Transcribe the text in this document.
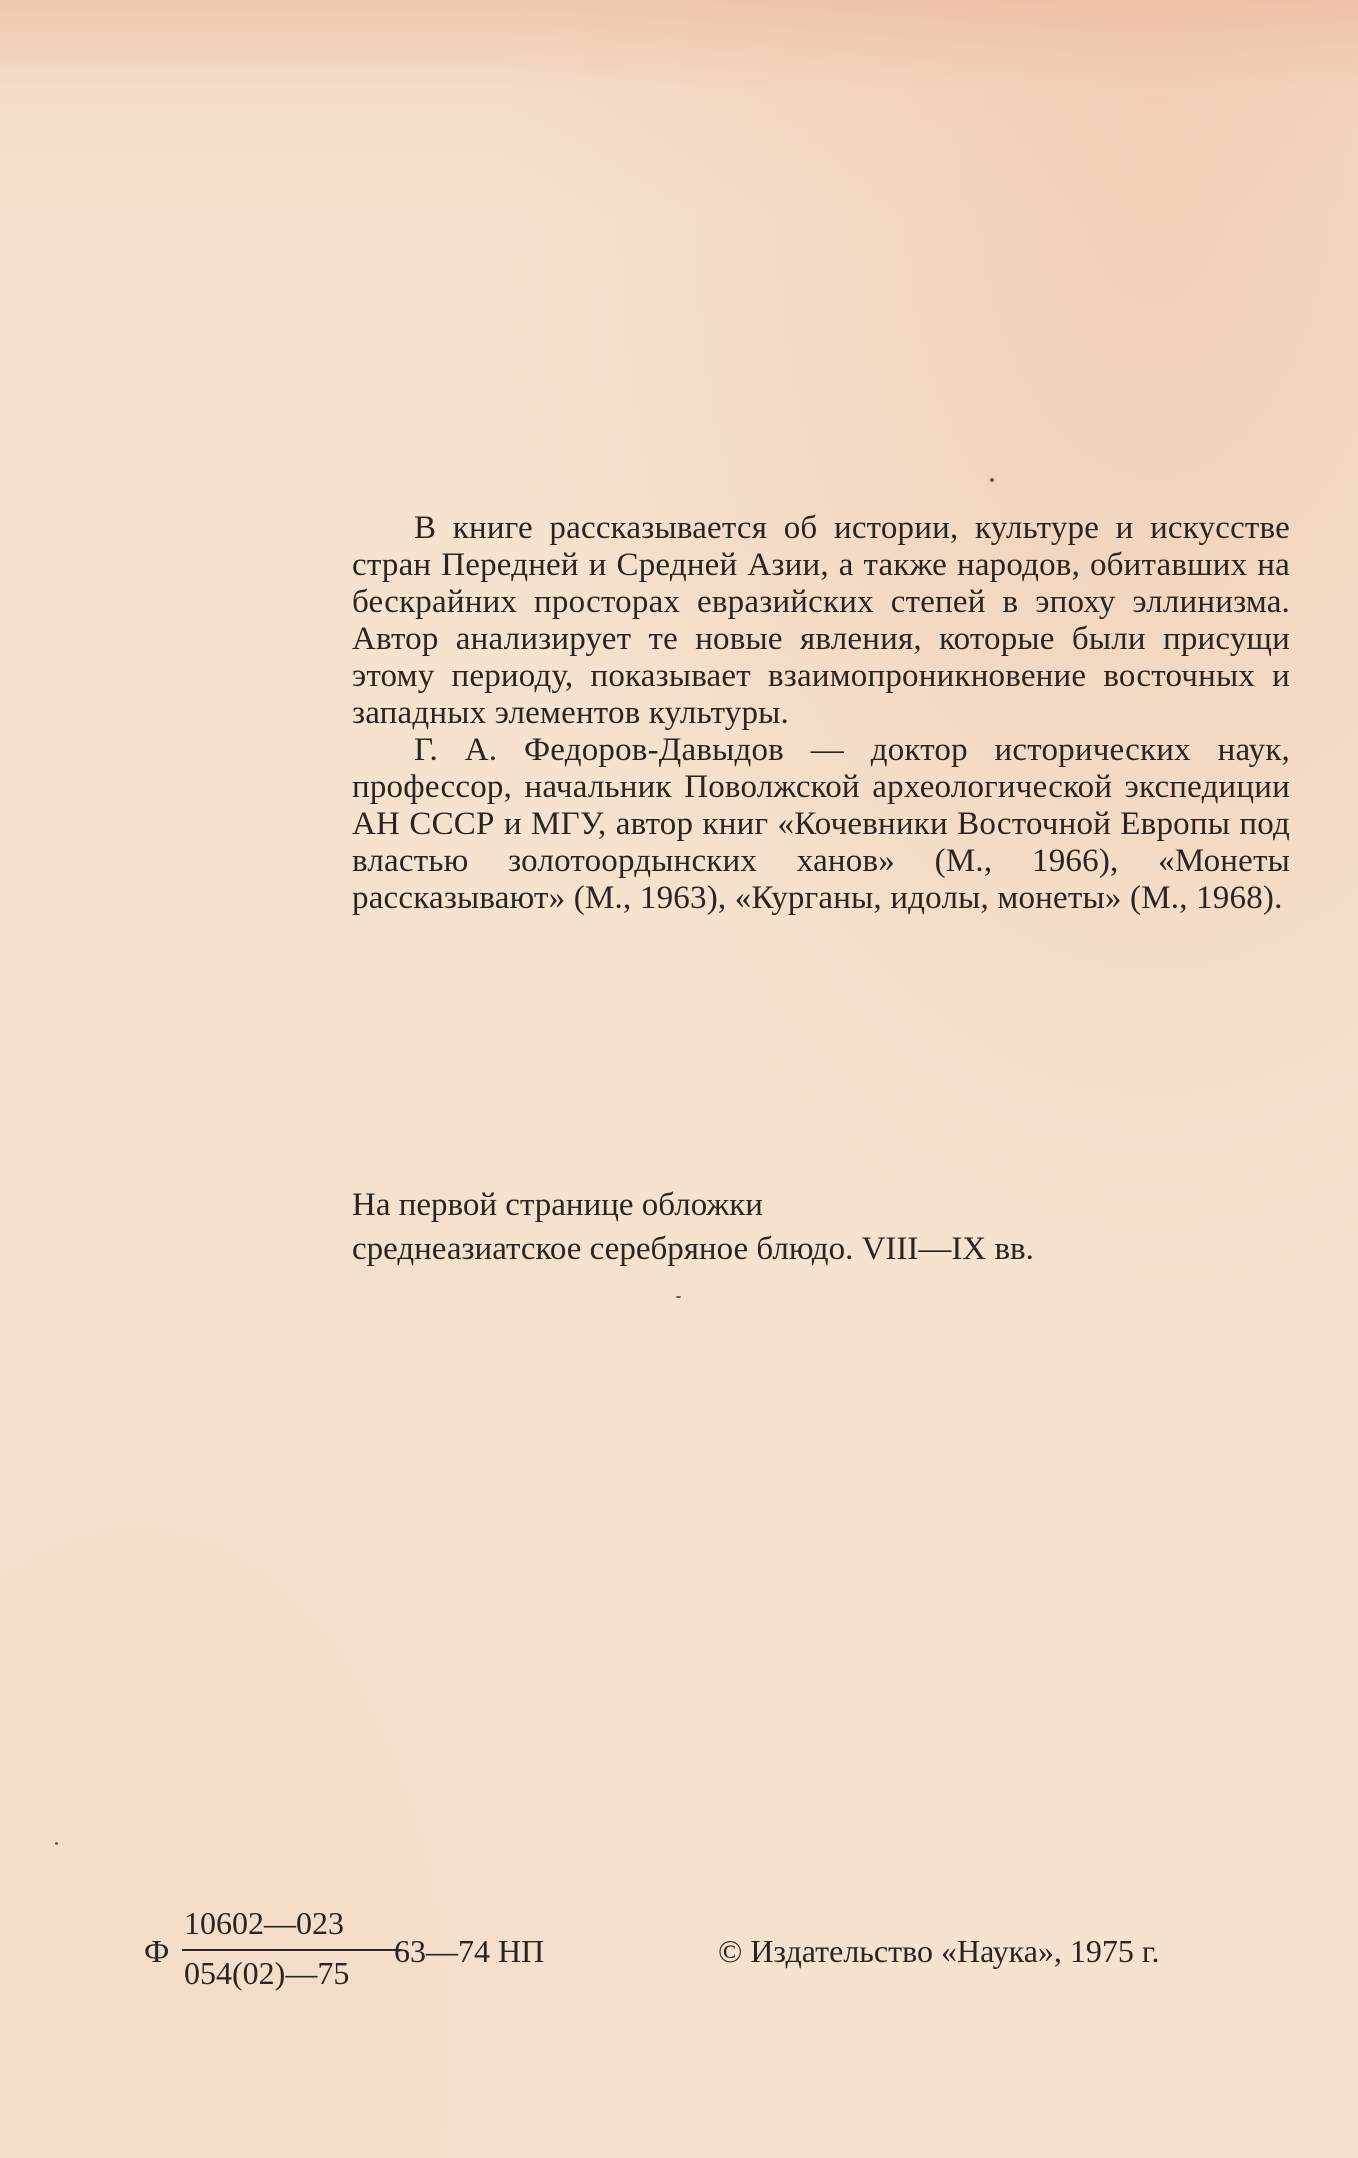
В книге рассказывается об истории, культуре и искусстве стран Передней и Средней Азии, а также народов, обитавших на бескрайних просторах евразийских степей в эпоху эллинизма. Автор анализирует те новые явления, которые были присущи этому периоду, показывает взаимопроникновение восточных и западных элементов культуры.

Г. А. Федоров-Давыдов — доктор исторических наук, профессор, начальник Поволжской археологической экспедиции АН СССР и МГУ, автор книг «Кочевники Восточной Европы под властью золотоордынских ханов» (М., 1966), «Монеты рассказывают» (М., 1963), «Курганы, идолы, монеты» (М., 1968).

На первой странице обложки
среднеазиатское серебряное блюдо. VIII—IX вв.
Ф
10602—023
054(02)—75
63—74 НП	© Издательство «Наука», 1975 г.
